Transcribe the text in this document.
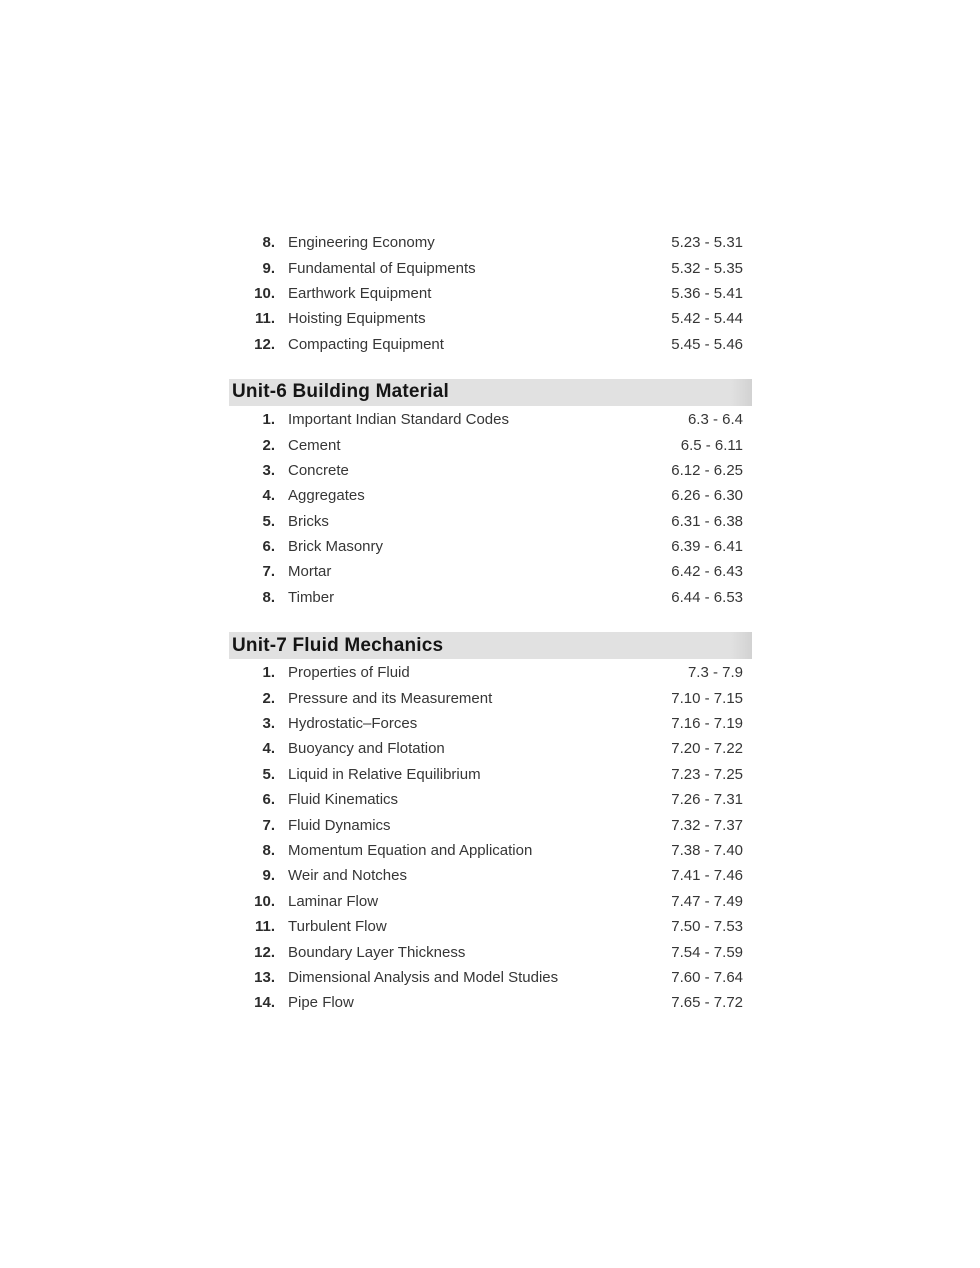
8. Engineering Economy	5.23 - 5.31
9. Fundamental of Equipments	5.32 - 5.35
10. Earthwork Equipment	5.36 - 5.41
11. Hoisting Equipments	5.42 - 5.44
12. Compacting Equipment	5.45 - 5.46
Unit-6 Building Material
1. Important Indian Standard Codes	6.3 - 6.4
2. Cement	6.5 - 6.11
3. Concrete	6.12 - 6.25
4. Aggregates	6.26 - 6.30
5. Bricks	6.31 - 6.38
6. Brick Masonry	6.39 - 6.41
7. Mortar	6.42 - 6.43
8. Timber	6.44 - 6.53
Unit-7 Fluid Mechanics
1. Properties of Fluid	7.3 - 7.9
2. Pressure and its Measurement	7.10 - 7.15
3. Hydrostatic–Forces	7.16 - 7.19
4. Buoyancy and Flotation	7.20 - 7.22
5. Liquid in Relative Equilibrium	7.23 - 7.25
6. Fluid Kinematics	7.26 - 7.31
7. Fluid Dynamics	7.32 - 7.37
8. Momentum Equation and Application	7.38 - 7.40
9. Weir and Notches	7.41 - 7.46
10. Laminar Flow	7.47 - 7.49
11. Turbulent Flow	7.50 - 7.53
12. Boundary Layer Thickness	7.54 - 7.59
13. Dimensional Analysis and Model Studies	7.60 - 7.64
14. Pipe Flow	7.65 - 7.72
